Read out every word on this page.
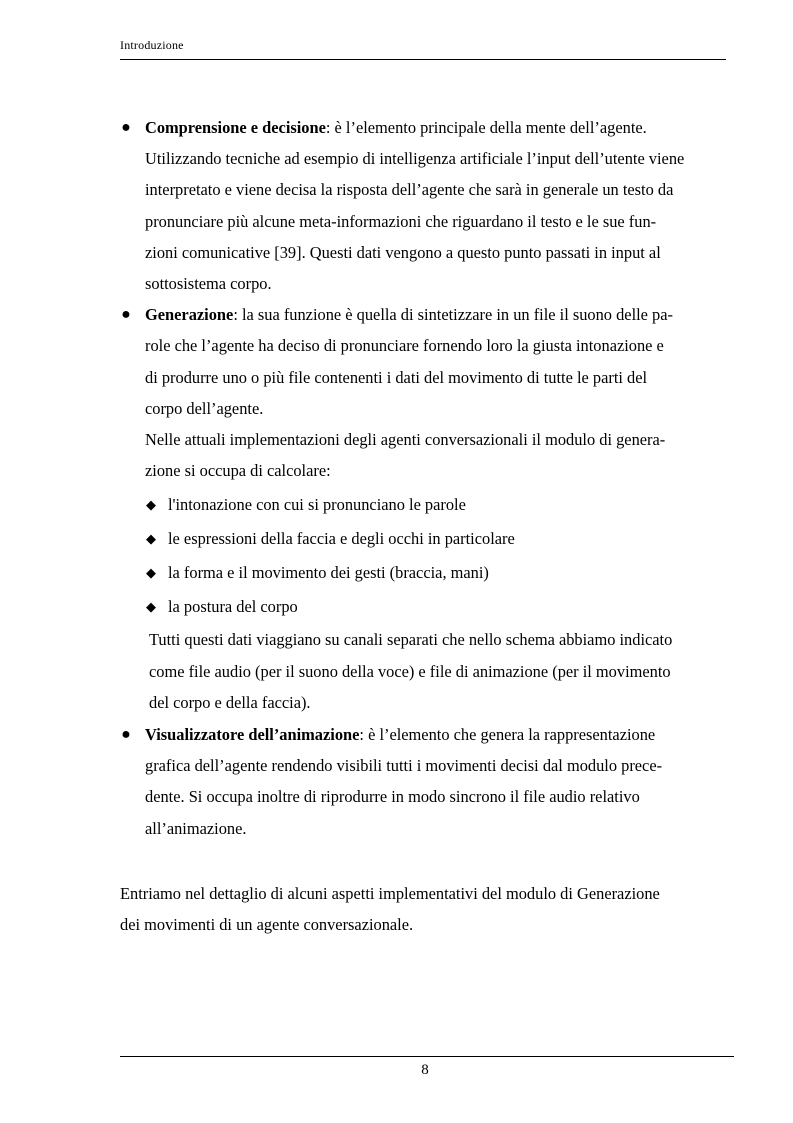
Introduzione
● Comprensione e decisione: è l’elemento principale della mente dell’agente.
Utilizzando tecniche ad esempio di intelligenza artificiale l’input dell’utente viene
interpretato e viene decisa la risposta dell’agente che sarà in generale un testo da
pronunciare più alcune meta-informazioni che riguardano il testo e le sue fun-
zioni comunicative [39]. Questi dati vengono a questo punto passati in input al
sottosistema corpo.
● Generazione: la sua funzione è quella di sintetizzare in un file il suono delle pa-
role che l’agente ha deciso di pronunciare fornendo loro la giusta intonazione e
di produrre uno o più file contenenti i dati del movimento di tutte le parti del
corpo dell’agente.
Nelle attuali implementazioni degli agenti conversazionali il modulo di genera-
zione si occupa di calcolare:
◆ l'intonazione con cui si pronunciano le parole
◆ le espressioni della faccia e degli occhi in particolare
◆ la forma e il movimento dei gesti (braccia, mani)
◆ la postura del corpo
Tutti questi dati viaggiano su canali separati che nello schema abbiamo indicato
come file audio (per il suono della voce) e file di animazione (per il movimento
del corpo e della faccia).
● Visualizzatore dell’animazione: è l’elemento che genera la rappresentazione
grafica dell’agente rendendo visibili tutti i movimenti decisi dal modulo prece-
dente. Si occupa inoltre di riprodurre in modo sincrono il file audio relativo
all’animazione.
Entriamo nel dettaglio di alcuni aspetti implementativi del modulo di Generazione
dei movimenti di un agente conversazionale.
8
